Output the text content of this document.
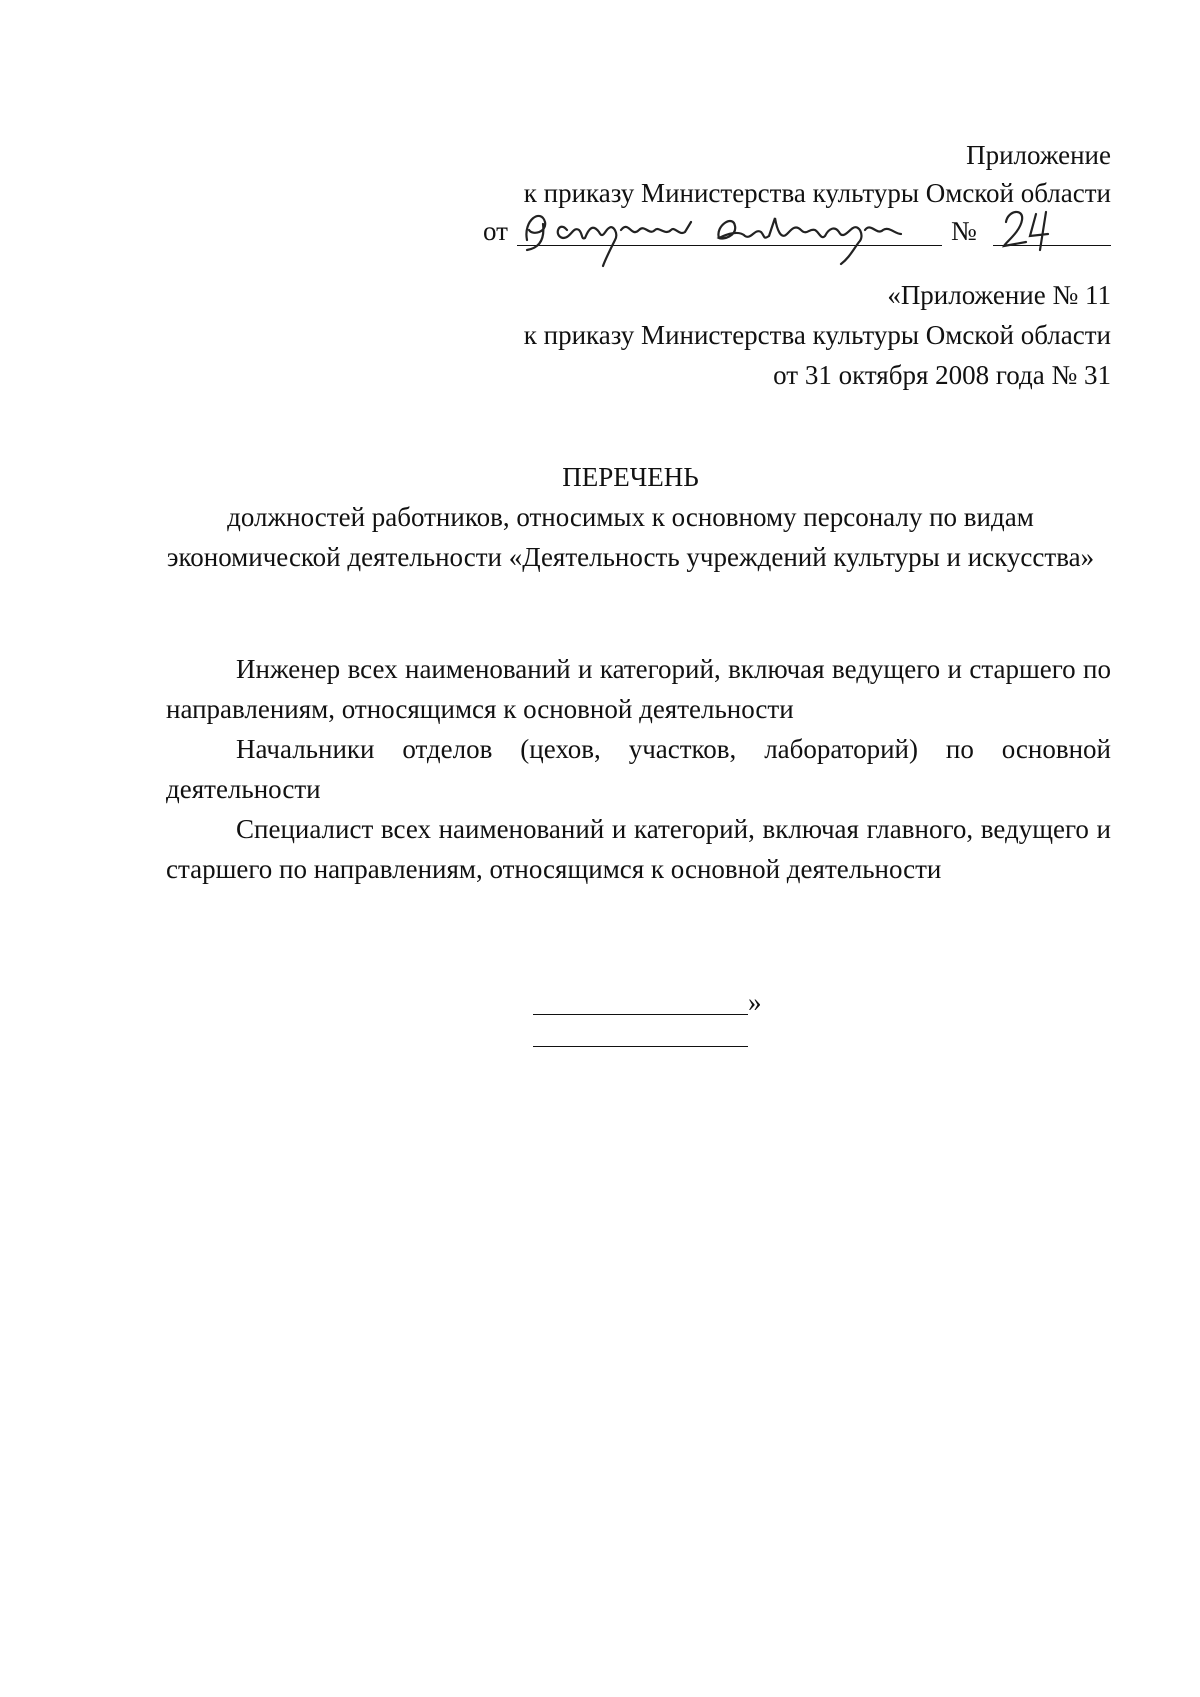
Приложение
к приказу Министерства культуры Омской области
от	№
«Приложение № 11
к приказу Министерства культуры Омской области
от 31 октября 2008 года № 31
ПЕРЕЧЕНЬ
должностей работников, относимых к основному персоналу по видам экономической деятельности «Деятельность учреждений культуры и искусства»

Инженер всех наименований и категорий, включая ведущего и старшего по направлениям, относящимся к основной деятельности

Начальники отделов (цехов, участков, лабораторий) по основной деятельности

Специалист всех наименований и категорий, включая главного, ведущего и старшего по направлениям, относящимся к основной деятельности

»
